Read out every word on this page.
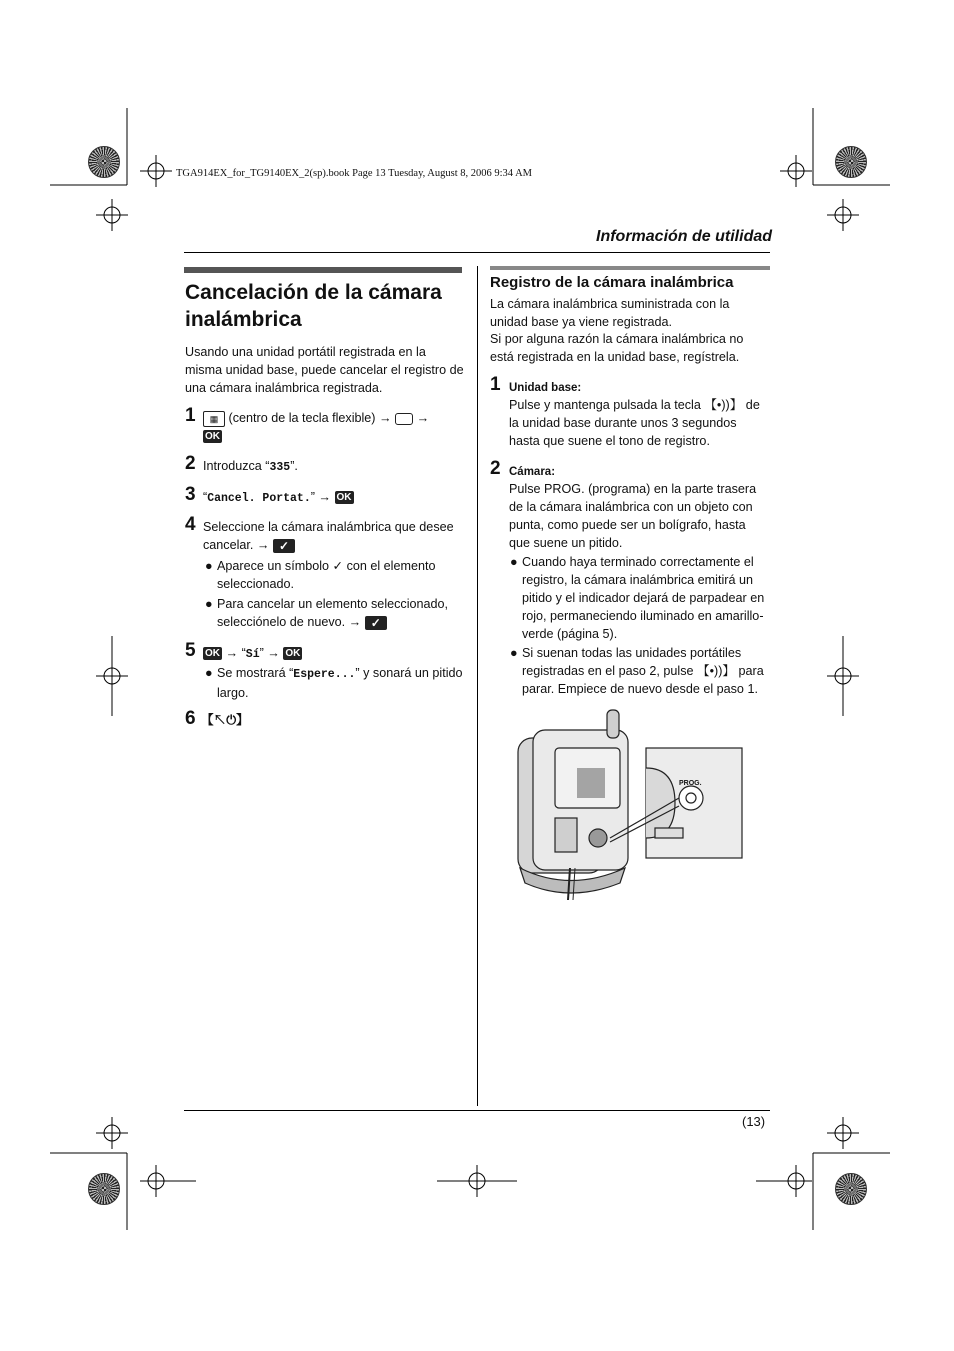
TGA914EX_for_TG9140EX_2(sp).book Page 13 Tuesday, August 8, 2006 9:34 AM
Información de utilidad
Cancelación de la cámara inalámbrica

Usando una unidad portátil registrada en la misma unidad base, puede cancelar el registro de una cámara inalámbrica registrada.

1	▦ (centro de la tecla flexible) → →
OK
2 Introduzca “335”.
3 “Cancel. Portat.” → OK
4 Seleccione la cámara inalámbrica que desee cancelar. → ✓
● Aparece un símbolo ✓ con el elemento seleccionado.
● Para cancelar un elemento seleccionado, selecciónelo de nuevo. → ✓
5 OK → “Sí” → OK
● Se mostrará “Espere...” y sonará un pitido largo.
6 【↖⏻】
Registro de la cámara inalámbrica

La cámara inalámbrica suministrada con la unidad base ya viene registrada.

Si por alguna razón la cámara inalámbrica no está registrada en la unidad base, regístrela.

1 Unidad base:

Pulse y mantenga pulsada la tecla 【•))】 de la unidad base durante unos 3 segundos hasta que suene el tono de registro.

2 Cámara:

Pulse PROG. (programa) en la parte trasera de la cámara inalámbrica con un objeto con punta, como puede ser un bolígrafo, hasta que suene un pitido.

● Cuando haya terminado correctamente el registro, la cámara inalámbrica emitirá un pitido y el indicador dejará de parpadear en rojo, permaneciendo iluminado en amarillo-verde (página 5).
● Si suenan todas las unidades portátiles registradas en el paso 2, pulse 【•))】 para parar. Empiece de nuevo desde el paso 1.
PROG.
(13)
